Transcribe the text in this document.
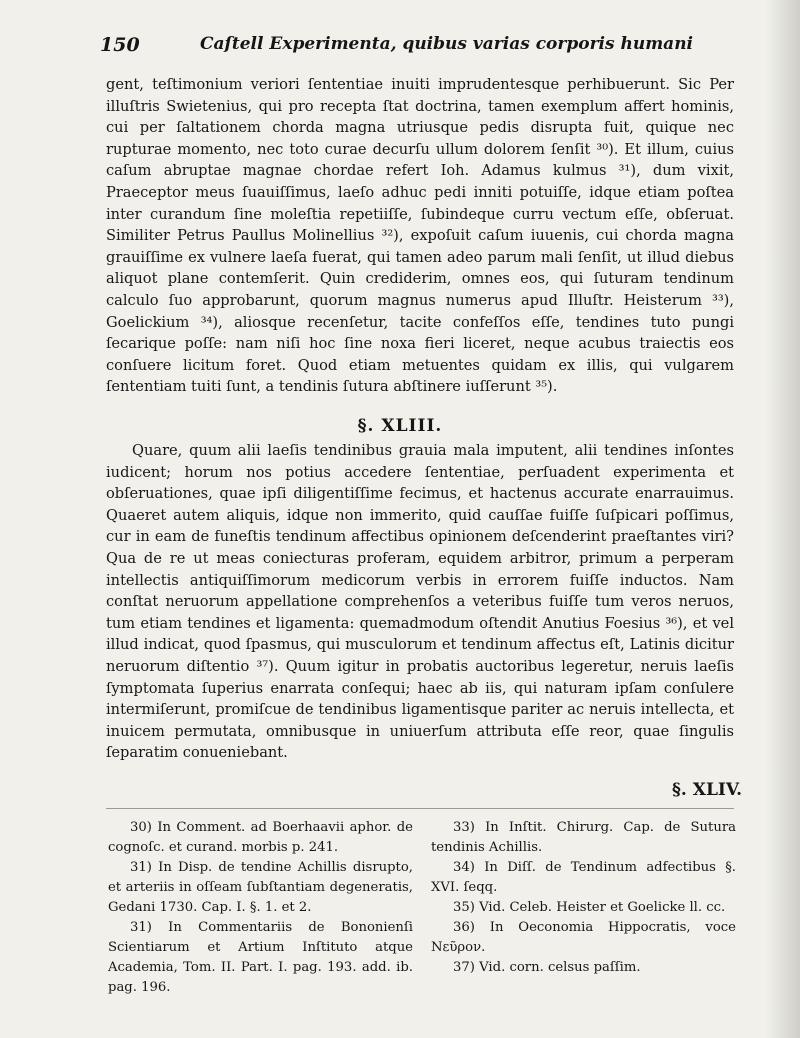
150	Caſtell Experimenta, quibus varias corporis humani
gent, teſtimonium veriori ſententiae inuiti imprudentesque perhibuerunt. Sic Per illuſtris Swietenius, qui pro recepta ſtat doctrina, tamen exemplum affert hominis, cui per ſaltationem chorda magna utriusque pedis disrupta fuit, quique nec rupturae momento, nec toto curae decurſu ullum dolorem ſenſit ³⁰). Et illum, cuius caſum abruptae magnae chordae refert Ioh. Adamus kulmus ³¹), dum vixit, Praeceptor meus ſuauiſſimus, laeſo adhuc pedi inniti potuiſſe, idque etiam poſtea inter curandum ſine moleſtia repetiiſſe, ſubindeque curru vectum eſſe, obſeruat. Similiter Petrus Paullus Molinellius ³²), expoſuit caſum iuuenis, cui chorda magna grauiſſime ex vulnere laeſa fuerat, qui tamen adeo parum mali ſenſit, ut illud diebus aliquot plane contemſerit. Quin crediderim, omnes eos, qui ſuturam tendinum calculo ſuo approbarunt, quorum magnus numerus apud Illuſtr. Heisterum ³³), Goelickium ³⁴), aliosque recenſetur, tacite confeſſos eſſe, tendines tuto pungi ſecarique poſſe: nam niſi hoc ſine noxa fieri liceret, neque acubus traiectis eos conſuere licitum foret. Quod etiam metuentes quidam ex illis, qui vulgarem ſententiam tuiti ſunt, a tendinis ſutura abſtinere iuſſerunt ³⁵).
§. XLIII.
Quare, quum alii laeſis tendinibus grauia mala imputent, alii tendines inſontes iudicent; horum nos potius accedere ſententiae, perſuadent experimenta et obſeruationes, quae ipſi diligentiſſime fecimus, et hactenus accurate enarrauimus. Quaeret autem aliquis, idque non immerito, quid cauſſae fuiſſe ſuſpicari poſſimus, cur in eam de funeſtis tendinum affectibus opinionem deſcenderint praeſtantes viri? Qua de re ut meas coniecturas proferam, equidem arbitror, primum a perperam intellectis antiquiſſimorum medicorum verbis in errorem fuiſſe inductos. Nam conſtat neruorum appellatione comprehenſos a veteribus fuiſſe tum veros neruos, tum etiam tendines et ligamenta: quemadmodum oſtendit Anutius Foesius ³⁶), et vel illud indicat, quod ſpasmus, qui musculorum et tendinum affectus eſt, Latinis dicitur neruorum diſtentio ³⁷). Quum igitur in probatis auctoribus legeretur, neruis laeſis ſymptomata ſuperius enarrata conſequi; haec ab iis, qui naturam ipſam conſulere intermiſerunt, promiſcue de tendinibus ligamentisque pariter ac neruis intellecta, et inuicem permutata, omnibusque in uniuerſum attributa eſſe reor, quae ſingulis ſeparatim conueniebant.
§. XLIV.

30) In Comment. ad Boerhaavii aphor. de cognoſc. et curand. morbis p. 241.

31) In Disp. de tendine Achillis disrupto, et arteriis in oſſeam ſubſtantiam degeneratis, Gedani 1730. Cap. I. §. 1. et 2.

31) In Commentariis de Bononienſi Scientiarum et Artium Inſtituto atque Academia, Tom. II. Part. I. pag. 193. add. ib. pag. 196.

33) In Inſtit. Chirurg. Cap. de Sutura tendinis Achillis.

34) In Diſſ. de Tendinum adfectibus §. XVI. ſeqq.

35) Vid. Celeb. Heister et Goelicke ll. cc.

36) In Oeconomia Hippocratis, voce Νεῦρον.

37) Vid. corn. celsus paſſim.
